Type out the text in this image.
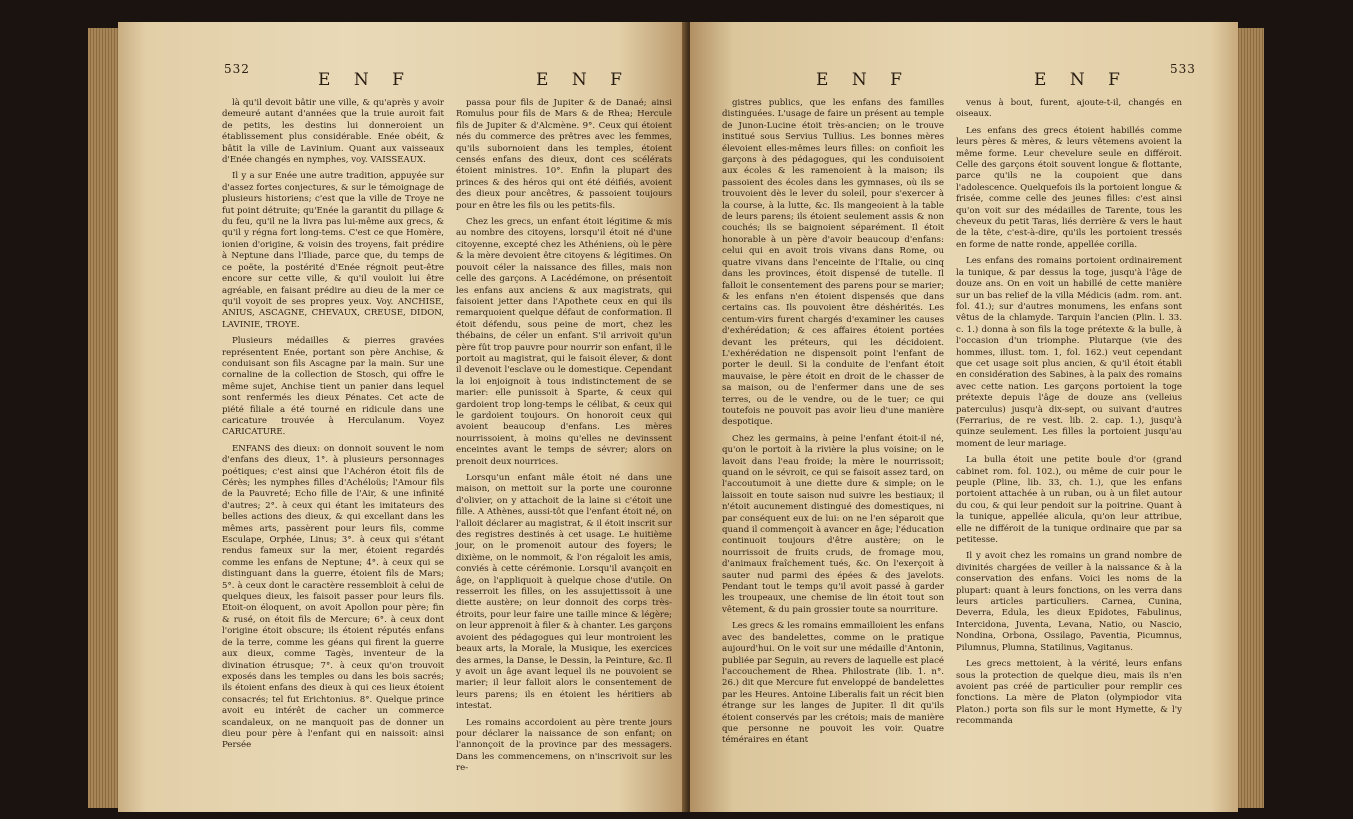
532
E N F	E N F

là qu'il devoit bâtir une ville, & qu'après y avoir demeuré autant d'années que la truie auroit fait de petits, les destins lui donneroient un établissement plus considérable. Enée obéit, & bâtit la ville de Lavinium. Quant aux vaisseaux d'Enée changés en nymphes, voy. VAISSEAUX.

Il y a sur Enée une autre tradition, appuyée sur d'assez fortes conjectures, & sur le témoignage de plusieurs historiens; c'est que la ville de Troye ne fut point détruite; qu'Enée la garantit du pillage & du feu, qu'il ne la livra pas lui-même aux grecs, & qu'il y régna fort long-tems. C'est ce que Homère, ionien d'origine, & voisin des troyens, fait prédire à Neptune dans l'Iliade, parce que, du temps de ce poëte, la postérité d'Enée régnoit peut-être encore sur cette ville, & qu'il vouloit lui être agréable, en faisant prédire au dieu de la mer ce qu'il voyoit de ses propres yeux. Voy. ANCHISE, ANIUS, ASCAGNE, CHEVAUX, CREUSE, DIDON, LAVINIE, TROYE.

Plusieurs médailles & pierres gravées représentent Enée, portant son père Anchise, & conduisant son fils Ascagne par la main. Sur une cornaline de la collection de Stosch, qui offre le même sujet, Anchise tient un panier dans lequel sont renfermés les dieux Pénates. Cet acte de piété filiale a été tourné en ridicule dans une caricature trouvée à Herculanum. Voyez CARICATURE.

ENFANS des dieux: on donnoit souvent le nom d'enfans des dieux, 1°. à plusieurs personnages poétiques; c'est ainsi que l'Achéron étoit fils de Cérès; les nymphes filles d'Achéloüs; l'Amour fils de la Pauvreté; Echo fille de l'Air, & une infinité d'autres; 2°. à ceux qui étant les imitateurs des belles actions des dieux, & qui excellant dans les mêmes arts, passèrent pour leurs fils, comme Esculape, Orphée, Linus; 3°. à ceux qui s'étant rendus fameux sur la mer, étoient regardés comme les enfans de Neptune; 4°. à ceux qui se distinguant dans la guerre, étoient fils de Mars; 5°. à ceux dont le caractère ressembloit à celui de quelques dieux, les faisoit passer pour leurs fils. Etoit-on éloquent, on avoit Apollon pour père; fin & rusé, on étoit fils de Mercure; 6°. à ceux dont l'origine étoit obscure; ils étoient réputés enfans de la terre, comme les géans qui firent la guerre aux dieux, comme Tagès, inventeur de la divination étrusque; 7°. à ceux qu'on trouvoit exposés dans les temples ou dans les bois sacrés; ils étoient enfans des dieux à qui ces lieux étoient consacrés; tel fut Erichtonius. 8°. Quelque prince avoit eu intérêt de cacher un commerce scandaleux, on ne manquoit pas de donner un dieu pour père à l'enfant qui en naissoit: ainsi Persée

passa pour fils de Jupiter & de Danaé; ainsi Romulus pour fils de Mars & de Rhea; Hercule fils de Jupiter & d'Alcmène. 9°. Ceux qui étoient nés du commerce des prêtres avec les femmes, qu'ils subornoient dans les temples, étoient censés enfans des dieux, dont ces scélérats étoient ministres. 10°. Enfin la plupart des princes & des héros qui ont été déifiés, avoient des dieux pour ancêtres, & passoient toujours pour en être les fils ou les petits-fils.

Chez les grecs, un enfant étoit légitime & mis au nombre des citoyens, lorsqu'il étoit né d'une citoyenne, excepté chez les Athéniens, où le père & la mère devoient être citoyens & légitimes. On pouvoit céler la naissance des filles, mais non celle des garçons. A Lacédémone, on présentoit les enfans aux anciens & aux magistrats, qui faisoient jetter dans l'Apothete ceux en qui ils remarquoient quelque défaut de conformation. Il étoit défendu, sous peine de mort, chez les thébains, de céler un enfant. S'il arrivoit qu'un père fût trop pauvre pour nourrir son enfant, il le portoit au magistrat, qui le faisoit élever, & dont il devenoit l'esclave ou le domestique. Cependant la loi enjoignoit à tous indistinctement de se marier: elle punissoit à Sparte, & ceux qui gardoient trop long-temps le célibat, & ceux qui le gardoient toujours. On honoroit ceux qui avoient beaucoup d'enfans. Les mères nourrissoient, à moins qu'elles ne devinssent enceintes avant le temps de sévrer; alors on prenoit deux nourrices.

Lorsqu'un enfant mâle étoit né dans une maison, on mettoit sur la porte une couronne d'olivier, on y attachoit de la laine si c'étoit une fille. A Athènes, aussi-tôt que l'enfant étoit né, on l'alloit déclarer au magistrat, & il étoit inscrit sur des registres destinés à cet usage. Le huitième jour, on le promenoit autour des foyers; le dixième, on le nommoit, & l'on régaloit les amis, conviés à cette cérémonie. Lorsqu'il avançoit en âge, on l'appliquoit à quelque chose d'utile. On resserroit les filles, on les assujettissoit à une diette austère; on leur donnoit des corps très-étroits, pour leur faire une taille mince & légère; on leur apprenoit à filer & à chanter. Les garçons avoient des pédagogues qui leur montroient les beaux arts, la Morale, la Musique, les exercices des armes, la Danse, le Dessin, la Peinture, &c. Il y avoit un âge avant lequel ils ne pouvoient se marier; il leur falloit alors le consentement de leurs parens; ils en étoient les héritiers ab intestat.

Les romains accordoient au père trente jours pour déclarer la naissance de son enfant; on l'annonçoit de la province par des messagers. Dans les commencemens, on n'inscrivoit sur les re-

E N F	E N F
533

gistres publics, que les enfans des familles distinguées. L'usage de faire un présent au temple de Junon-Lucine étoit très-ancien; on le trouve institué sous Servius Tullius. Les bonnes mères élevoient elles-mêmes leurs filles: on confioit les garçons à des pédagogues, qui les conduisoient aux écoles & les ramenoient à la maison; ils passoient des écoles dans les gymnases, où ils se trouvoient dès le lever du soleil, pour s'exercer à la course, à la lutte, &c. Ils mangeoient à la table de leurs parens; ils étoient seulement assis & non couchés; ils se baignoient séparément. Il étoit honorable à un père d'avoir beaucoup d'enfans: celui qui en avoit trois vivans dans Rome, ou quatre vivans dans l'enceinte de l'Italie, ou cinq dans les provinces, étoit dispensé de tutelle. Il falloit le consentement des parens pour se marier; & les enfans n'en étoient dispensés que dans certains cas. Ils pouvoient être déshérités. Les centum-virs furent chargés d'examiner les causes d'exhérédation; & ces affaires étoient portées devant les préteurs, qui les décidoient. L'exhérédation ne dispensoit point l'enfant de porter le deuil. Si la conduite de l'enfant étoit mauvaise, le père étoit en droit de le chasser de sa maison, ou de l'enfermer dans une de ses terres, ou de le vendre, ou de le tuer; ce qui toutefois ne pouvoit pas avoir lieu d'une manière despotique.

Chez les germains, à peine l'enfant étoit-il né, qu'on le portoit à la rivière la plus voisine; on le lavoit dans l'eau froide; la mère le nourrissoit; quand on le sévroit, ce qui se faisoit assez tard, on l'accoutumoit à une diette dure & simple; on le laissoit en toute saison nud suivre les bestiaux; il n'étoit aucunement distingué des domestiques, ni par conséquent eux de lui: on ne l'en séparoit que quand il commençoit à avancer en âge; l'éducation continuoit toujours d'être austère; on le nourrissoit de fruits cruds, de fromage mou, d'animaux fraîchement tués, &c. On l'exerçoit à sauter nud parmi des épées & des javelots. Pendant tout le temps qu'il avoit passé à garder les troupeaux, une chemise de lin étoit tout son vêtement, & du pain grossier toute sa nourriture.

Les grecs & les romains emmailloient les enfans avec des bandelettes, comme on le pratique aujourd'hui. On le voit sur une médaille d'Antonin, publiée par Seguin, au revers de laquelle est placé l'accouchement de Rhea. Philostrate (lib. 1. n°. 26.) dit que Mercure fut enveloppé de bandelettes par les Heures. Antoine Liberalis fait un récit bien étrange sur les langes de Jupiter. Il dit qu'ils étoient conservés par les crétois; mais de manière que personne ne pouvoit les voir. Quatre téméraires en étant

venus à bout, furent, ajoute-t-il, changés en oiseaux.

Les enfans des grecs étoient habillés comme leurs pères & mères, & leurs vêtemens avoient la même forme. Leur chevelure seule en différoit. Celle des garçons étoit souvent longue & flottante, parce qu'ils ne la coupoient que dans l'adolescence. Quelquefois ils la portoient longue & frisée, comme celle des jeunes filles: c'est ainsi qu'on voit sur des médailles de Tarente, tous les cheveux du petit Taras, liés derrière & vers le haut de la tête, c'est-à-dire, qu'ils les portoient tressés en forme de natte ronde, appellée corilla.

Les enfans des romains portoient ordinairement la tunique, & par dessus la toge, jusqu'à l'âge de douze ans. On en voit un habillé de cette manière sur un bas relief de la villa Médicis (adm. rom. ant. fol. 41.); sur d'autres monumens, les enfans sont vêtus de la chlamyde. Tarquin l'ancien (Plin. l. 33. c. 1.) donna à son fils la toge prétexte & la bulle, à l'occasion d'un triomphe. Plutarque (vie des hommes, illust. tom. 1, fol. 162.) veut cependant que cet usage soit plus ancien, & qu'il étoit établi en considération des Sabines, à la paix des romains avec cette nation. Les garçons portoient la toge prétexte depuis l'âge de douze ans (velleius paterculus) jusqu'à dix-sept, ou suivant d'autres (Ferrarius, de re vest. lib. 2. cap. 1.), jusqu'à quinze seulement. Les filles la portoient jusqu'au moment de leur mariage.

La bulla étoit une petite boule d'or (grand cabinet rom. fol. 102.), ou même de cuir pour le peuple (Pline, lib. 33, ch. 1.), que les enfans portoient attachée à un ruban, ou à un filet autour du cou, & qui leur pendoit sur la poitrine. Quant à la tunique, appellée alicula, qu'on leur attribue, elle ne différoit de la tunique ordinaire que par sa petitesse.

Il y avoit chez les romains un grand nombre de divinités chargées de veiller à la naissance & à la conservation des enfans. Voici les noms de la plupart: quant à leurs fonctions, on les verra dans leurs articles particuliers. Carnea, Cunina, Deverra, Edula, les dieux Epidotes, Fabulinus, Intercidona, Juventa, Levana, Natio, ou Nascio, Nondina, Orbona, Ossilago, Paventia, Picumnus, Pilumnus, Plumna, Statilinus, Vagitanus.

Les grecs mettoient, à la vérité, leurs enfans sous la protection de quelque dieu, mais ils n'en avoient pas créé de particulier pour remplir ces fonctions. La mère de Platon (olympiodor vita Platon.) porta son fils sur le mont Hymette, & l'y recommanda
